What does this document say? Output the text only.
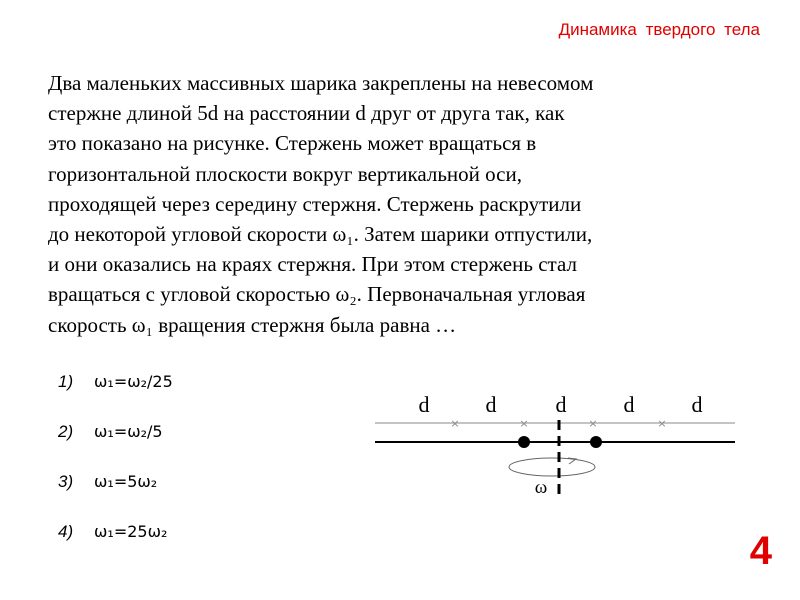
Динамика твердого тела
Два маленьких массивных шарика закреплены на невесомом
стержне длиной 5d на расстоянии d друг от друга так, как
это показано на рисунке. Стержень может вращаться в
горизонтальной плоскости вокруг вертикальной оси,
проходящей через середину стержня. Стержень раскрутили
до некоторой угловой скорости ω₁. Затем шарики отпустили,
и они оказались на краях стержня. При этом стержень стал
вращаться с угловой скоростью ω₂. Первоначальная угловая
скорость ω₁ вращения стержня была равна …
1) ω₁=ω₂/25
2) ω₁=ω₂/5
3) ω₁=5ω₂
4) ω₁=25ω₂
×	×	×	×
d	d	d	d	d
ω
4
